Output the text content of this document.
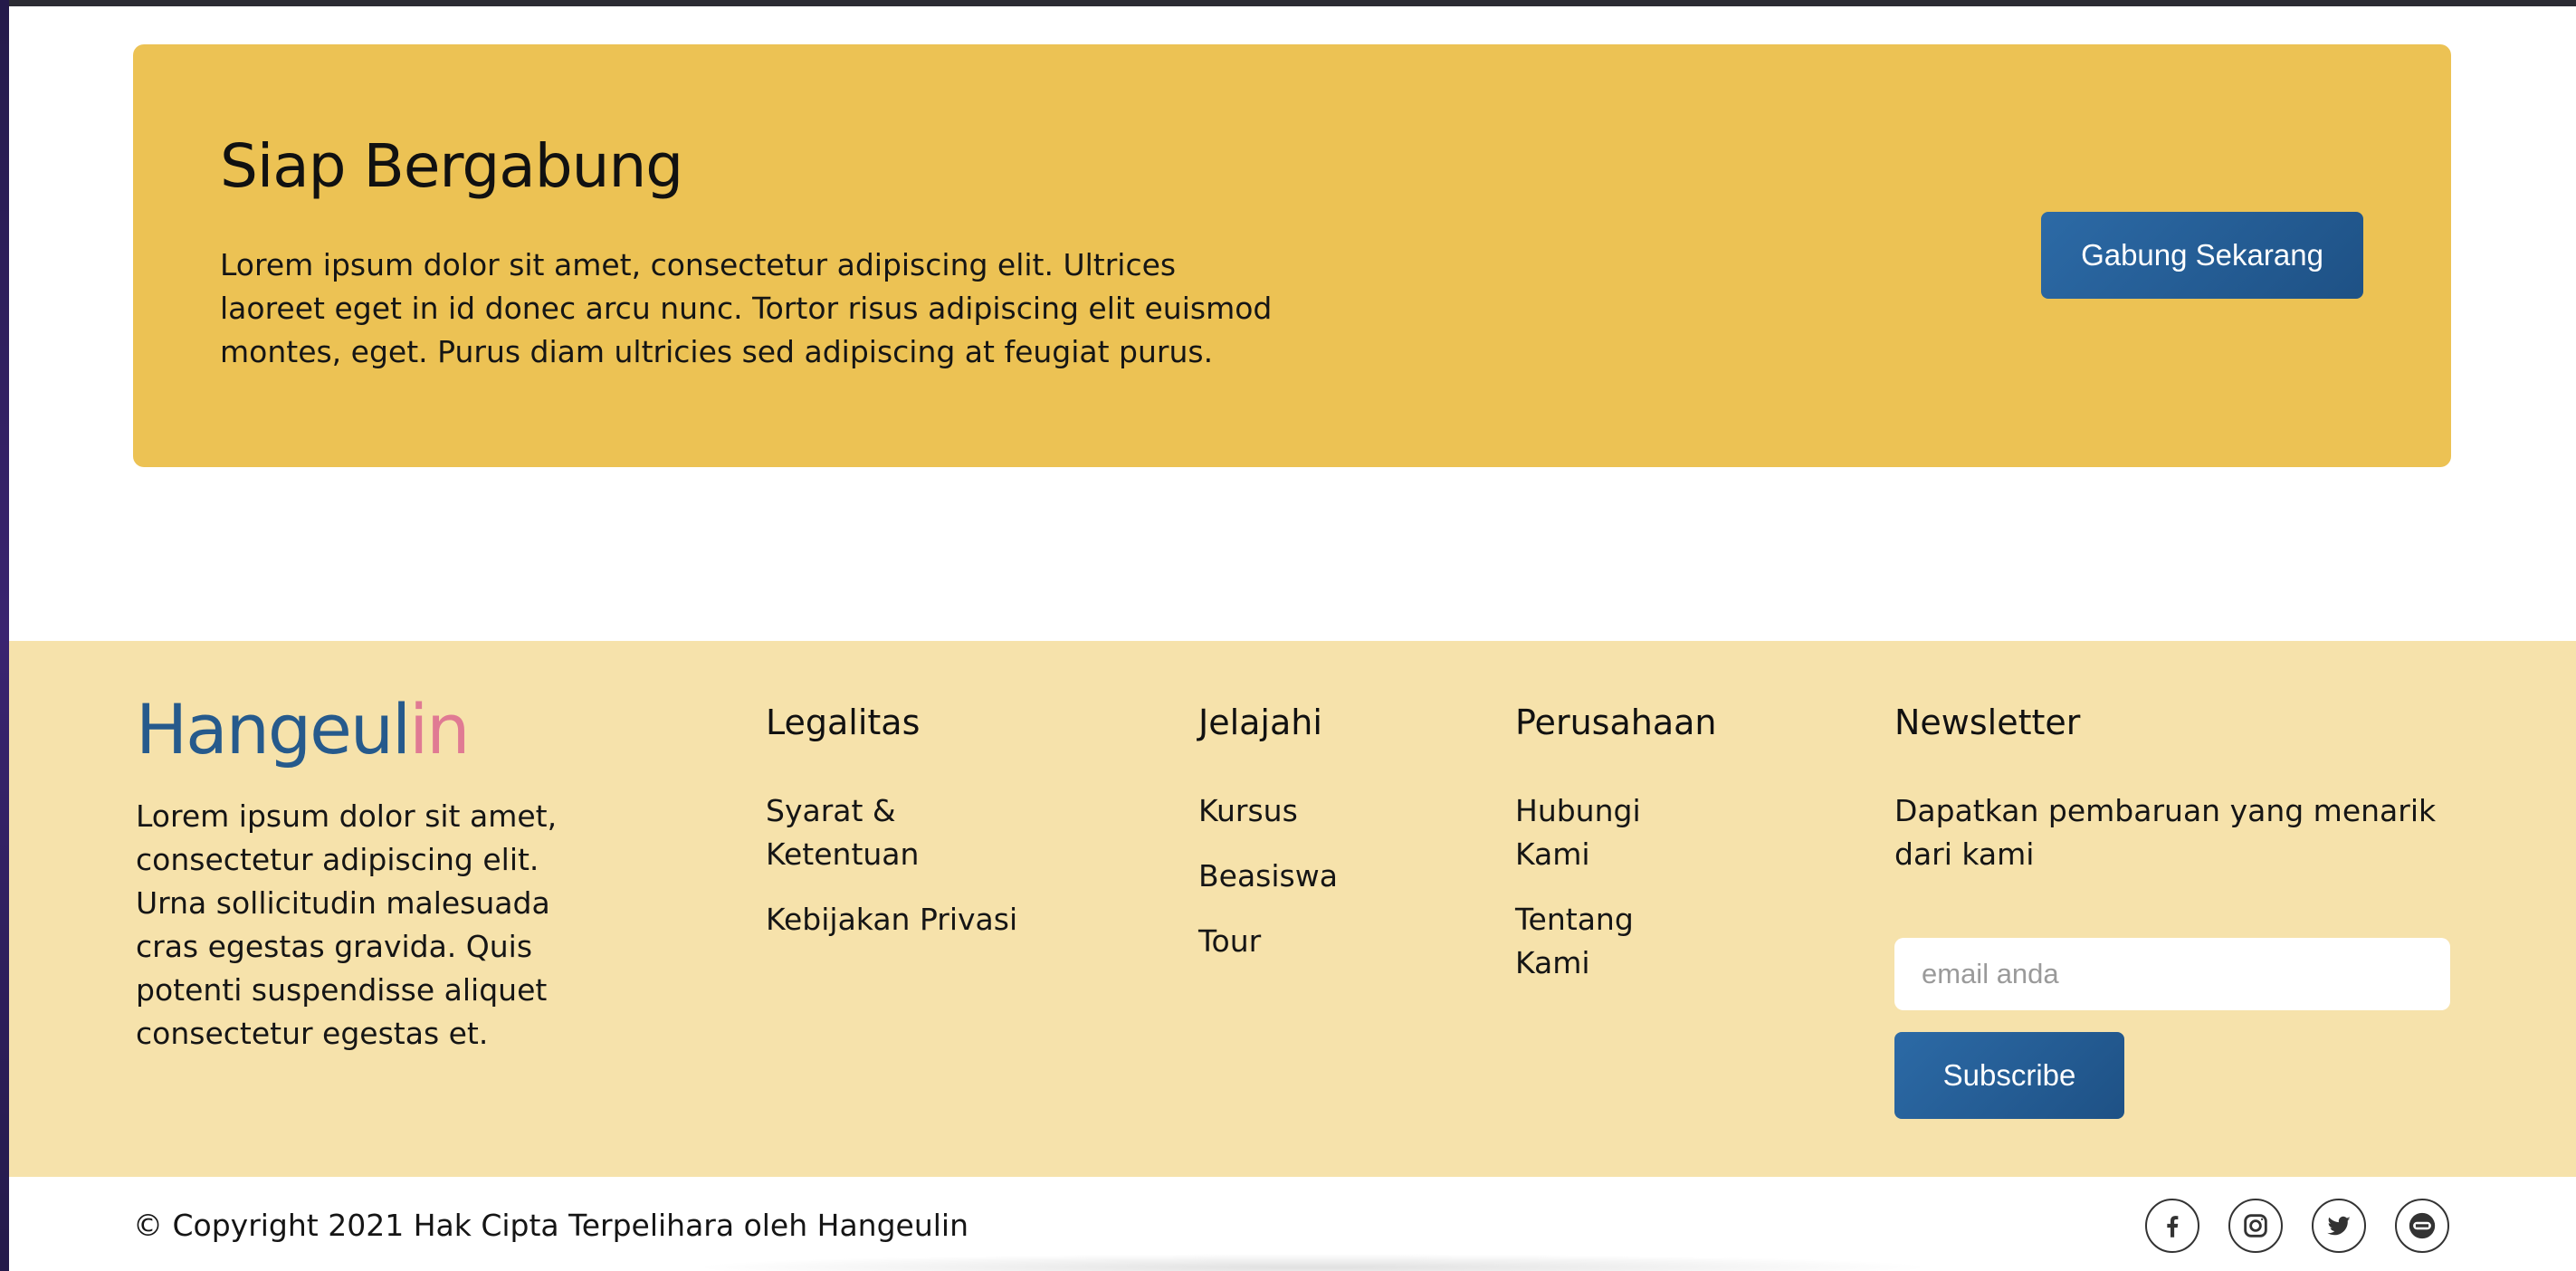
Siap Bergabung

Lorem ipsum dolor sit amet, consectetur adipiscing elit. Ultrices laoreet eget in id donec arcu nunc. Tortor risus adipiscing elit euismod montes, eget. Purus diam ultricies sed adipiscing at feugiat purus.

Gabung Sekarang
Hangeulin

Lorem ipsum dolor sit amet, consectetur adipiscing elit. Urna sollicitudin malesuada cras egestas gravida. Quis potenti suspendisse aliquet consectetur egestas et.

Legalitas
Syarat & Ketentuan
Kebijakan Privasi
Jelajahi
Kursus
Beasiswa
Tour
Perusahaan
Hubungi Kami
Tentang Kami
Newsletter

Dapatkan pembaruan yang menarik dari kami

email anda
Subscribe

© Copyright 2021 Hak Cipta Terpelihara oleh Hangeulin
